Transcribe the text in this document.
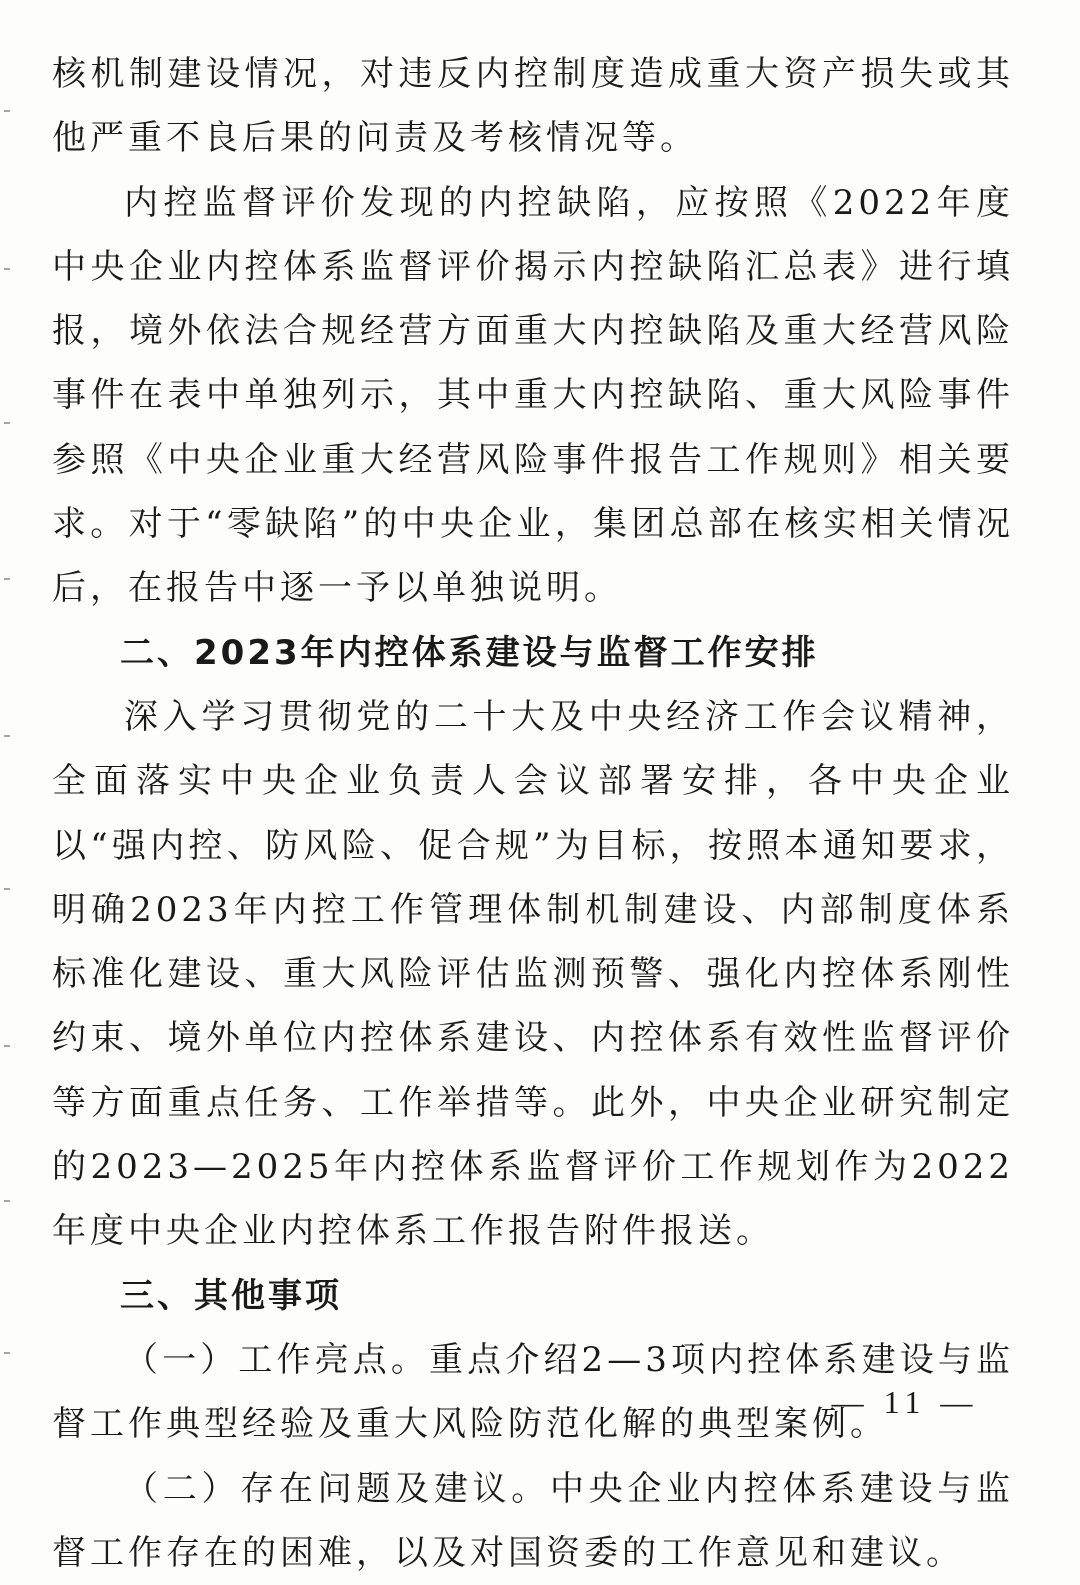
核机制建设情况，对违反内控制度造成重大资产损失或其他严重不良后果的问责及考核情况等。

内控监督评价发现的内控缺陷，应按照《2022年度中央企业内控体系监督评价揭示内控缺陷汇总表》进行填报，境外依法合规经营方面重大内控缺陷及重大经营风险事件在表中单独列示，其中重大内控缺陷、重大风险事件参照《中央企业重大经营风险事件报告工作规则》相关要求。对于“零缺陷”的中央企业，集团总部在核实相关情况后，在报告中逐一予以单独说明。

二、2023年内控体系建设与监督工作安排

深入学习贯彻党的二十大及中央经济工作会议精神，全面落实中央企业负责人会议部署安排，各中央企业以“强内控、防风险、促合规”为目标，按照本通知要求，明确2023年内控工作管理体制机制建设、内部制度体系标准化建设、重大风险评估监测预警、强化内控体系刚性约束、境外单位内控体系建设、内控体系有效性监督评价等方面重点任务、工作举措等。此外，中央企业研究制定的2023—2025年内控体系监督评价工作规划作为2022年度中央企业内控体系工作报告附件报送。

三、其他事项

（一）工作亮点。重点介绍2—3项内控体系建设与监督工作典型经验及重大风险防范化解的典型案例。

（二）存在问题及建议。中央企业内控体系建设与监督工作存在的困难，以及对国资委的工作意见和建议。

— 11 —
